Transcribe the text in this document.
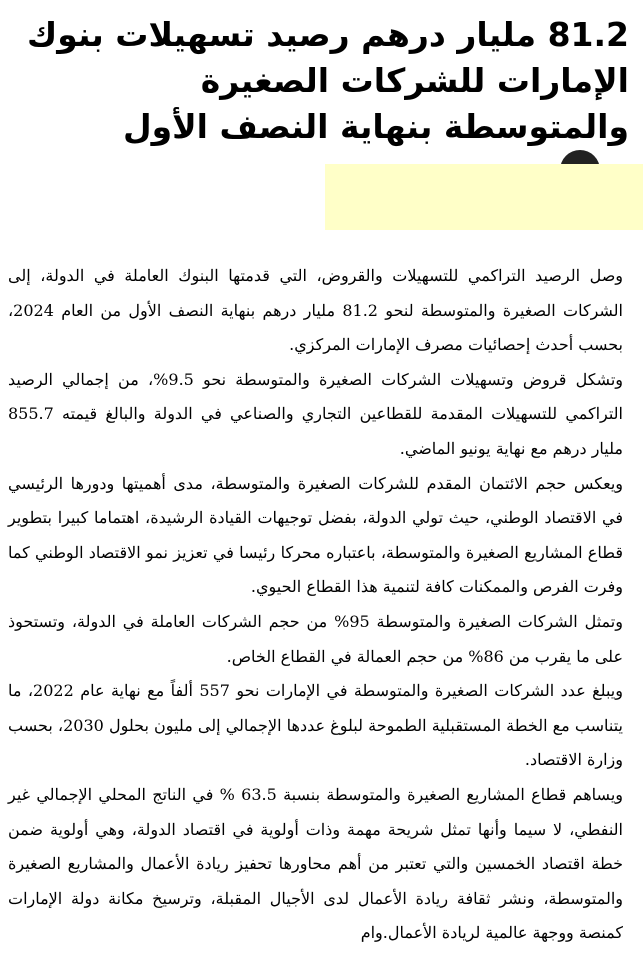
81.2 مليار درهم رصيد تسهيلات بنوك الإمارات للشركات الصغيرة والمتوسطة بنهاية النصف الأول

وصل الرصيد التراكمي للتسهيلات والقروض، التي قدمتها البنوك العاملة في الدولة، إلى الشركات الصغيرة والمتوسطة لنحو 81.2 مليار درهم بنهاية النصف الأول من العام 2024، بحسب أحدث إحصائيات مصرف الإمارات المركزي.

وتشكل قروض وتسهيلات الشركات الصغيرة والمتوسطة نحو 9.5%، من إجمالي الرصيد التراكمي للتسهيلات المقدمة للقطاعين التجاري والصناعي في الدولة والبالغ قيمته 855.7 مليار درهم مع نهاية يونيو الماضي.

ويعكس حجم الائتمان المقدم للشركات الصغيرة والمتوسطة، مدى أهميتها ودورها الرئيسي في الاقتصاد الوطني، حيث تولي الدولة، بفضل توجيهات القيادة الرشيدة، اهتماما كبيرا بتطوير قطاع المشاريع الصغيرة والمتوسطة، باعتباره محركا رئيسا في تعزيز نمو الاقتصاد الوطني كما وفرت الفرص والممكنات كافة لتنمية هذا القطاع الحيوي.

وتمثل الشركات الصغيرة والمتوسطة 95% من حجم الشركات العاملة في الدولة، وتستحوذ على ما يقرب من 86% من حجم العمالة في القطاع الخاص.

ويبلغ عدد الشركات الصغيرة والمتوسطة في الإمارات نحو 557 ألفاً مع نهاية عام 2022، ما يتناسب مع الخطة المستقبلية الطموحة لبلوغ عددها الإجمالي إلى مليون بحلول 2030، بحسب وزارة الاقتصاد.

ويساهم قطاع المشاريع الصغيرة والمتوسطة بنسبة 63.5 % في الناتج المحلي الإجمالي غير النفطي، لا سيما وأنها تمثل شريحة مهمة وذات أولوية في اقتصاد الدولة، وهي أولوية ضمن خطة اقتصاد الخمسين والتي تعتبر من أهم محاورها تحفيز ريادة الأعمال والمشاريع الصغيرة والمتوسطة، ونشر ثقافة ريادة الأعمال لدى الأجيال المقبلة، وترسيخ مكانة دولة الإمارات كمنصة ووجهة عالمية لريادة الأعمال.وام
